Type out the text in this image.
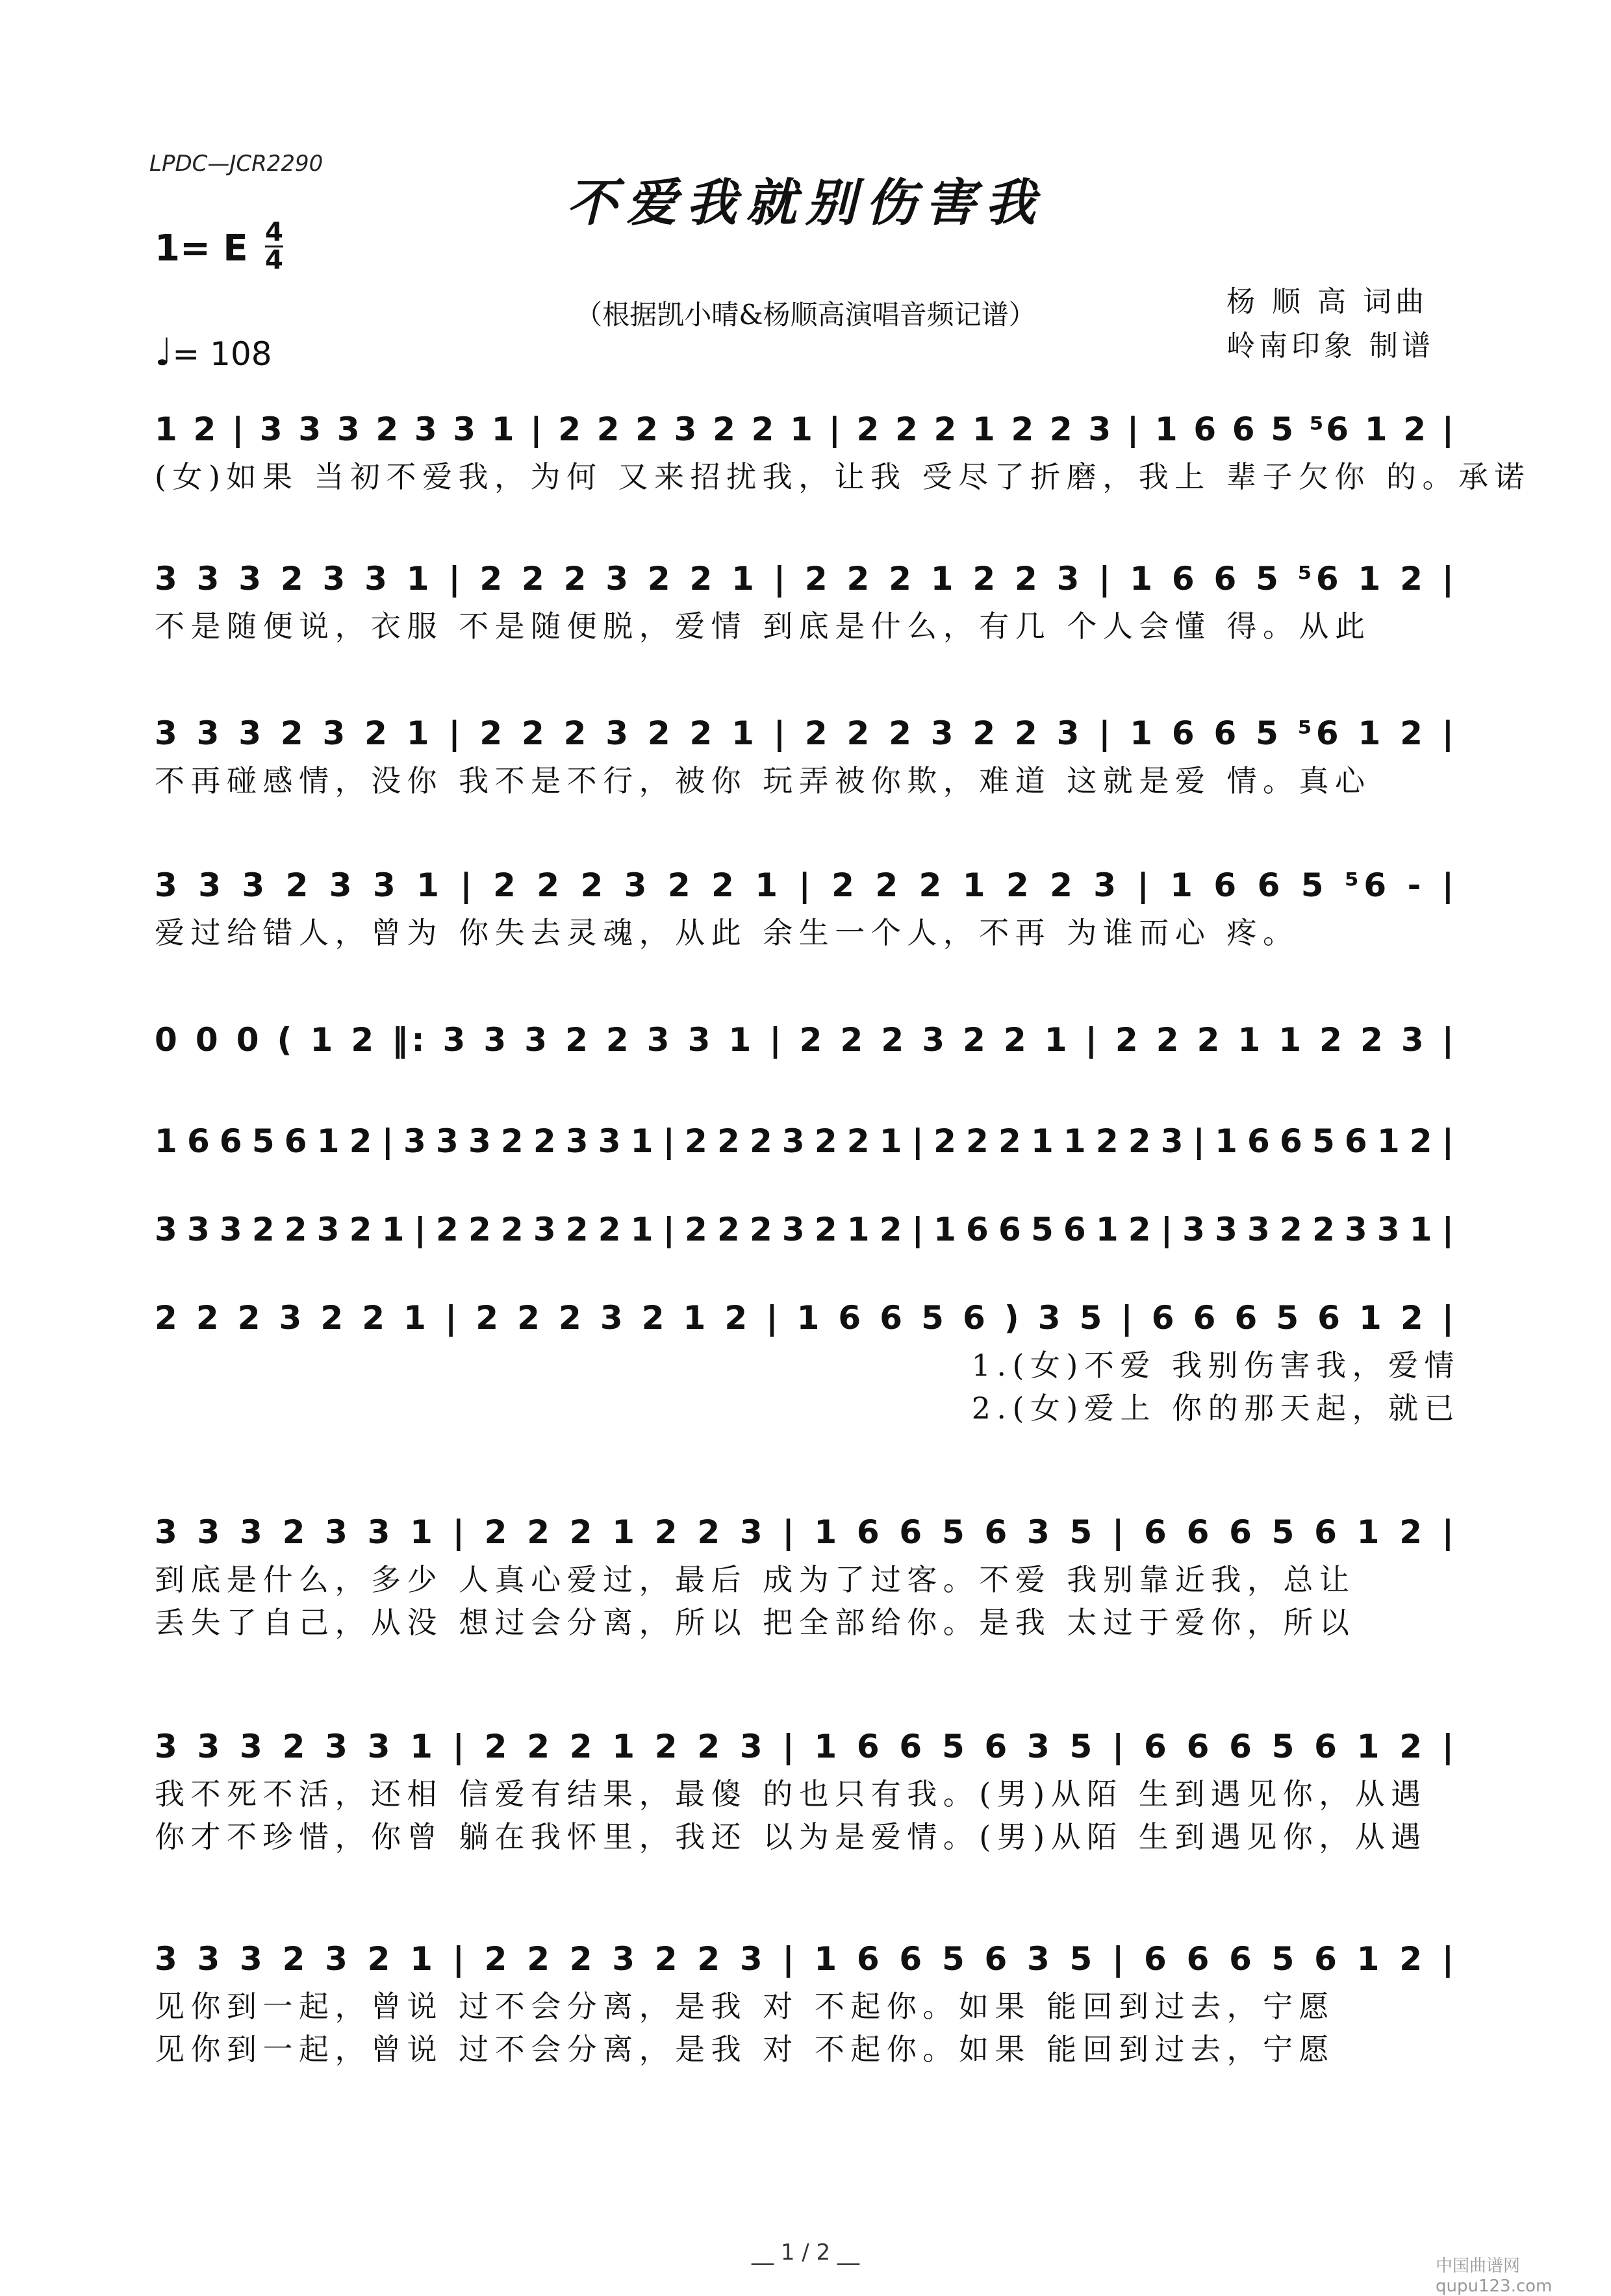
LPDC—JCR2290
不爱我就别伤害我
1= E 4
4
♩= 108
（根据凯小晴&杨顺高演唱音频记谱）	杨 顺 高 词曲
岭南印象 制谱
1 2 | 3 3 3 2 3 3 1 | 2 2 2 3 2 2 1 | 2 2 2 1 2 2 3 | 1 6 6 5 ⁵6 1 2 |
(女)如果 当初不爱我，为何 又来招扰我，让我 受尽了折磨，我上 辈子欠你 的。承诺
3 3 3 2 3 3 1 | 2 2 2 3 2 2 1 | 2 2 2 1 2 2 3 | 1 6 6 5 ⁵6 1 2 |
不是随便说，衣服 不是随便脱，爱情 到底是什么，有几 个人会懂 得。从此
3 3 3 2 3 2 1 | 2 2 2 3 2 2 1 | 2 2 2 3 2 2 3 | 1 6 6 5 ⁵6 1 2 |
不再碰感情，没你 我不是不行，被你 玩弄被你欺，难道 这就是爱 情。真心
3 3 3 2 3 3 1 | 2 2 2 3 2 2 1 | 2 2 2 1 2 2 3 | 1 6 6 5 ⁵6 - |
爱过给错人，曾为 你失去灵魂，从此 余生一个人，不再 为谁而心 疼。
0 0 0 ( 1 2 ‖: 3 3 3 2 2 3 3 1 | 2 2 2 3 2 2 1 | 2 2 2 1 1 2 2 3 |
1 6 6 5 6 1 2 | 3 3 3 2 2 3 3 1 | 2 2 2 3 2 2 1 | 2 2 2 1 1 2 2 3 | 1 6 6 5 6 1 2 |
3 3 3 2 2 3 2 1 | 2 2 2 3 2 2 1 | 2 2 2 3 2 1 2 | 1 6 6 5 6 1 2 | 3 3 3 2 2 3 3 1 |
2 2 2 3 2 2 1 | 2 2 2 3 2 1 2 | 1 6 6 5 6 ) 3 5 | 6 6 6 5 6 1 2 |
1.(女)不爱 我别伤害我，爱情
2.(女)爱上 你的那天起，就已
3 3 3 2 3 3 1 | 2 2 2 1 2 2 3 | 1 6 6 5 6 3 5 | 6 6 6 5 6 1 2 |
到底是什么，多少 人真心爱过，最后 成为了过客。不爱 我别靠近我，总让
丢失了自己，从没 想过会分离，所以 把全部给你。是我 太过于爱你，所以
3 3 3 2 3 3 1 | 2 2 2 1 2 2 3 | 1 6 6 5 6 3 5 | 6 6 6 5 6 1 2 |
我不死不活，还相 信爱有结果，最傻 的也只有我。(男)从陌 生到遇见你，从遇
你才不珍惜，你曾 躺在我怀里，我还 以为是爱情。(男)从陌 生到遇见你，从遇
3 3 3 2 3 2 1 | 2 2 2 3 2 2 3 | 1 6 6 5 6 3 5 | 6 6 6 5 6 1 2 |
见你到一起，曾说 过不会分离，是我 对 不起你。如果 能回到过去，宁愿
见你到一起，曾说 过不会分离，是我 对 不起你。如果 能回到过去，宁愿
__ 1 / 2 __
中国曲谱网 qupu123.com
